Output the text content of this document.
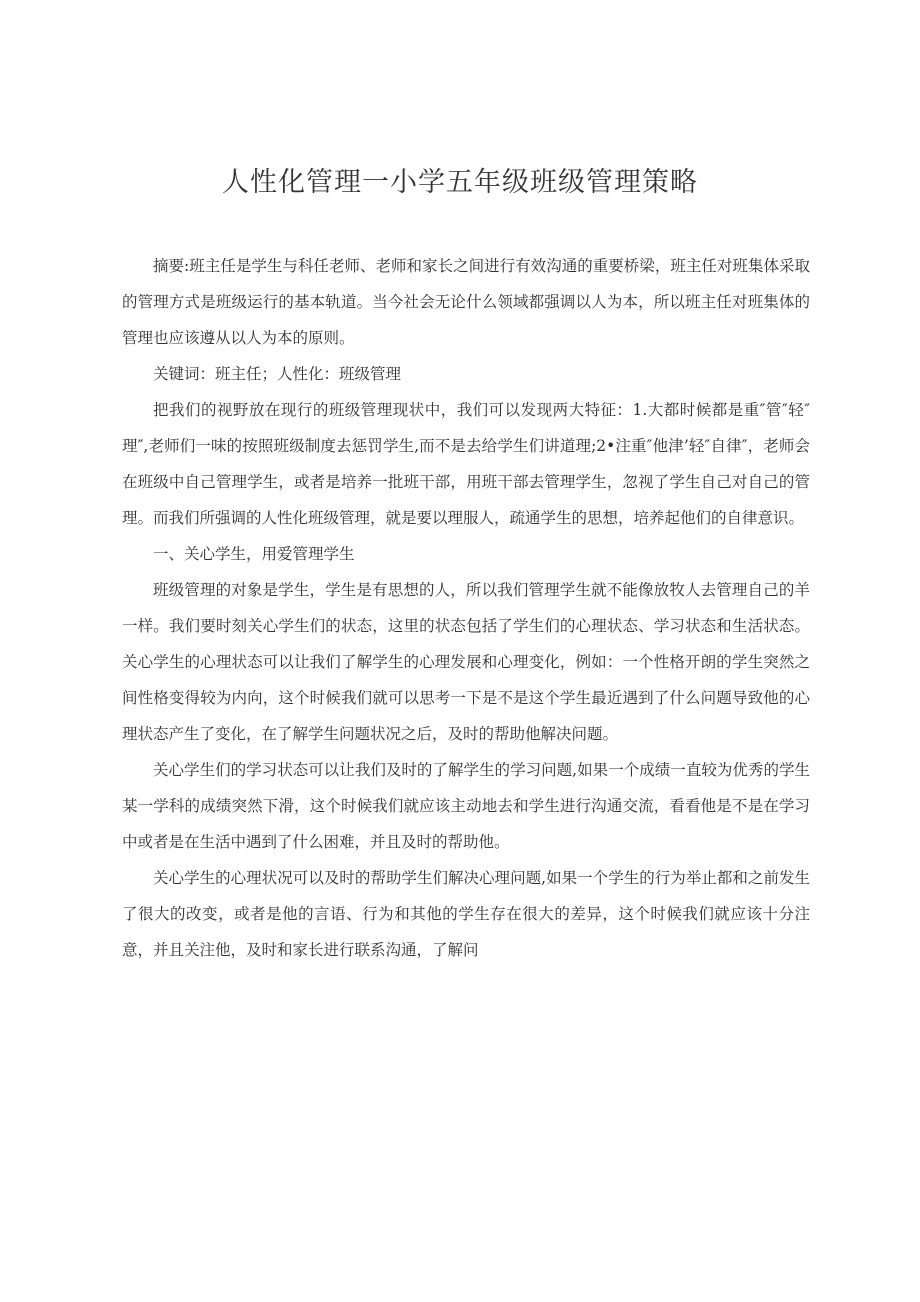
人性化管理一小学五年级班级管理策略

摘要:班主任是学生与科任老师、老师和家长之间进行有效沟通的重要桥梁，班主任对班集体采取的管理方式是班级运行的基本轨道。当今社会无论什么领域都强调以人为本，所以班主任对班集体的管理也应该遵从以人为本的原则。

关键词：班主任；人性化：班级管理

把我们的视野放在现行的班级管理现状中，我们可以发现两大特征：1.大都时候都是重″管″轻″理″,老师们一味的按照班级制度去惩罚学生,而不是去给学生们讲道理;2•注重″他津’轻″自律″，老师会在班级中自己管理学生，或者是培养一批班干部，用班干部去管理学生，忽视了学生自己对自己的管理。而我们所强调的人性化班级管理，就是要以理服人，疏通学生的思想，培养起他们的自律意识。

一、关心学生，用爱管理学生

班级管理的对象是学生，学生是有思想的人，所以我们管理学生就不能像放牧人去管理自己的羊一样。我们要时刻关心学生们的状态，这里的状态包括了学生们的心理状态、学习状态和生活状态。关心学生的心理状态可以让我们了解学生的心理发展和心理变化，例如：一个性格开朗的学生突然之间性格变得较为内向，这个时候我们就可以思考一下是不是这个学生最近遇到了什么问题导致他的心理状态产生了变化，在了解学生问题状况之后，及时的帮助他解决问题。

关心学生们的学习状态可以让我们及时的了解学生的学习问题,如果一个成绩一直较为优秀的学生某一学科的成绩突然下滑，这个时候我们就应该主动地去和学生进行沟通交流，看看他是不是在学习中或者是在生活中遇到了什么困难，并且及时的帮助他。

关心学生的心理状况可以及时的帮助学生们解决心理问题,如果一个学生的行为举止都和之前发生了很大的改变，或者是他的言语、行为和其他的学生存在很大的差异，这个时候我们就应该十分注意，并且关注他，及时和家长进行联系沟通，了解问
